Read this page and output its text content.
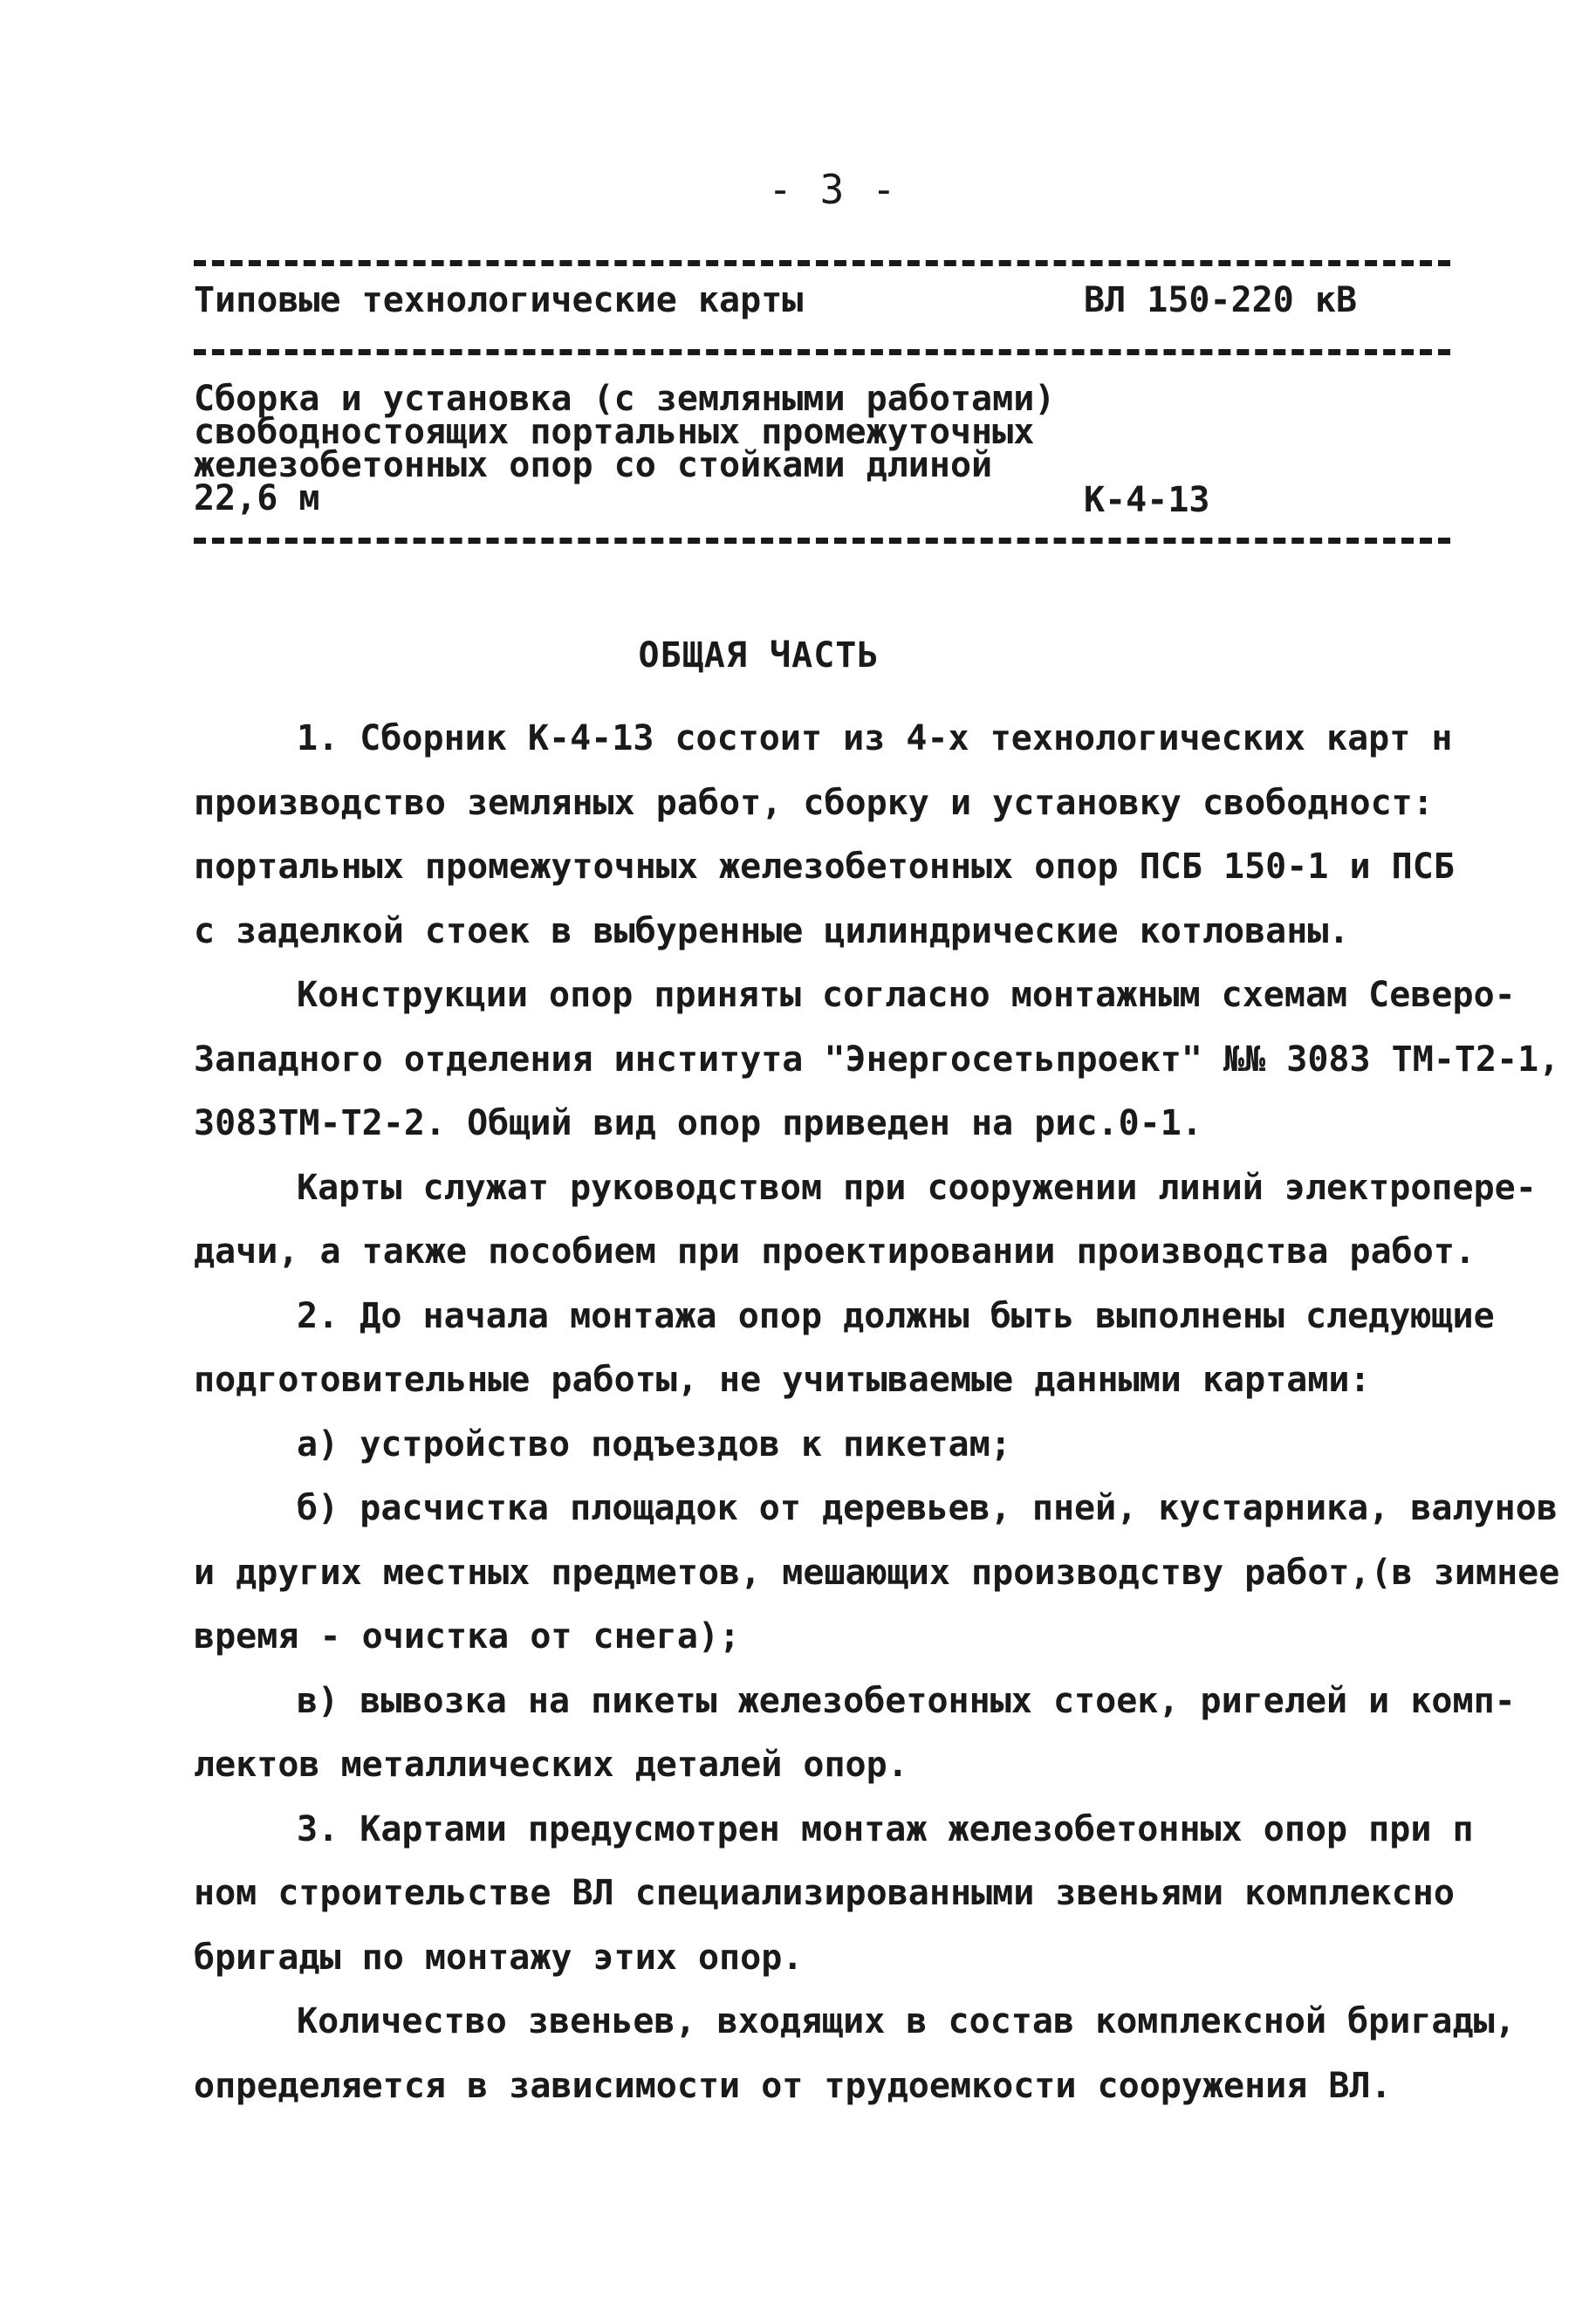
- 3 -
Типовые технологические карты	ВЛ 150-220 кВ
Сборка и установка (с земляными работами)
свободностоящих портальных промежуточных
железобетонных опор со стойками длиной
22,6 м	К-4-13
ОБЩАЯ ЧАСТЬ

1. Сборник К-4-13 состоит из 4-х технологических карт н

производство земляных работ, сборку и установку свободност:

портальных промежуточных железобетонных опор ПСБ 150-1 и ПСБ

с заделкой стоек в выбуренные цилиндрические котлованы.

Конструкции опор приняты согласно монтажным схемам Северо-

Западного отделения института "Энергосетьпроект" №№ 3083 ТМ-Т2-1,

3083ТМ-Т2-2. Общий вид опор приведен на рис.0-1.

Карты служат руководством при сооружении линий электропере-

дачи, а также пособием при проектировании производства работ.

2. До начала монтажа опор должны быть выполнены следующие

подготовительные работы, не учитываемые данными картами:

а) устройство подъездов к пикетам;

б) расчистка площадок от деревьев, пней, кустарника, валунов

и других местных предметов, мешающих производству работ,(в зимнее

время - очистка от снега);

в) вывозка на пикеты железобетонных стоек, ригелей и комп-

лектов металлических деталей опор.

3. Картами предусмотрен монтаж железобетонных опор при п

ном строительстве ВЛ специализированными звеньями комплексно

бригады по монтажу этих опор.

Количество звеньев, входящих в состав комплексной бригады,

определяется в зависимости от трудоемкости сооружения ВЛ.
